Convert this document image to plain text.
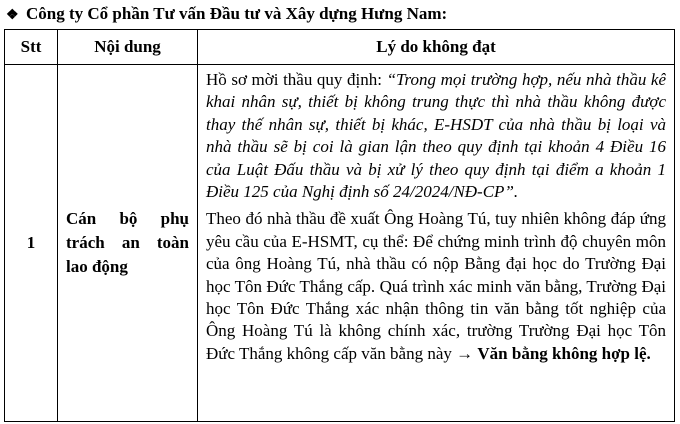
❖ Công ty Cổ phần Tư vấn Đầu tư và Xây dựng Hưng Nam:
Stt	Nội dung	Lý do không đạt
1	Cán bộ phụ trách an toàn lao động	Hồ sơ mời thầu quy định: “Trong mọi trường hợp, nếu nhà thầu kê khai nhân sự, thiết bị không trung thực thì nhà thầu không được thay thế nhân sự, thiết bị khác, E-HSDT của nhà thầu bị loại và nhà thầu sẽ bị coi là gian lận theo quy định tại khoản 4 Điều 16 của Luật Đấu thầu và bị xử lý theo quy định tại điểm a khoản 1 Điều 125 của Nghị định số 24/2024/NĐ-CP”.

Theo đó nhà thầu đề xuất Ông Hoàng Tú, tuy nhiên không đáp ứng yêu cầu của E-HSMT, cụ thể: Để chứng minh trình độ chuyên môn của ông Hoàng Tú, nhà thầu có nộp Bằng đại học do Trường Đại học Tôn Đức Thắng cấp. Quá trình xác minh văn bằng, Trường Đại học Tôn Đức Thắng xác nhận thông tin văn bằng tốt nghiệp của Ông Hoàng Tú là không chính xác, trường Trường Đại học Tôn Đức Thắng không cấp văn bằng này → Văn bằng không hợp lệ.
